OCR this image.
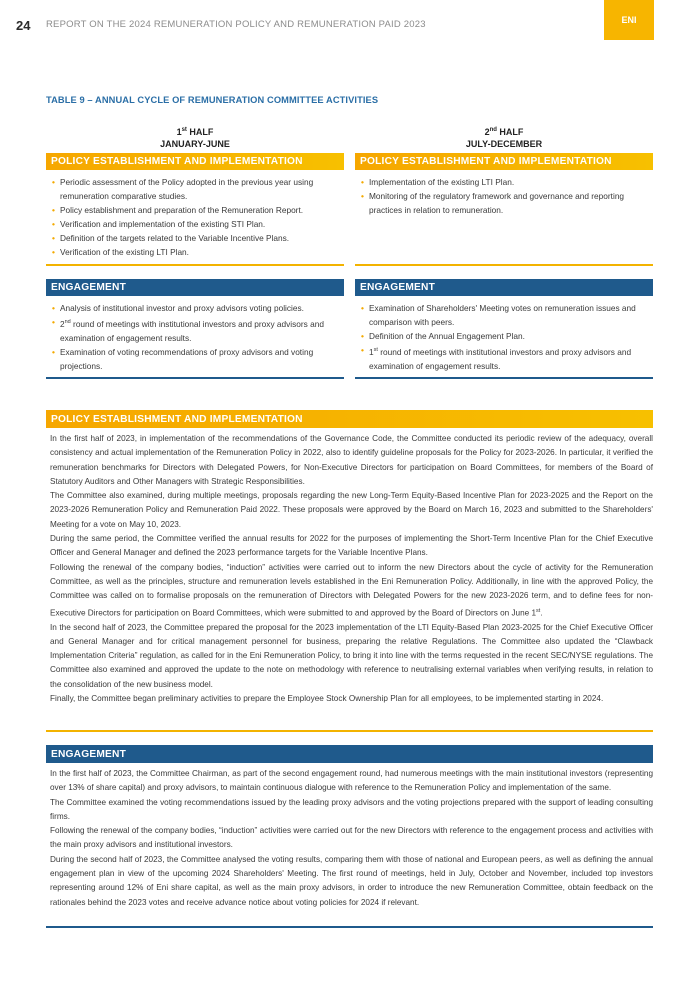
24 REPORT ON THE 2024 REMUNERATION POLICY AND REMUNERATION PAID 2023	ENI
TABLE 9 – ANNUAL CYCLE OF REMUNERATION COMMITTEE ACTIVITIES
1st HALF
JANUARY-JUNE
POLICY ESTABLISHMENT AND IMPLEMENTATION
• Periodic assessment of the Policy adopted in the previous year using remuneration comparative studies.
• Policy establishment and preparation of the Remuneration Report.
• Verification and implementation of the existing STI Plan.
• Definition of the targets related to the Variable Incentive Plans.
• Verification of the existing LTI Plan.
ENGAGEMENT
• Analysis of institutional investor and proxy advisors voting policies.
• 2nd round of meetings with institutional investors and proxy advisors and examination of engagement results.
• Examination of voting recommendations of proxy advisors and voting projections.
2nd HALF
JULY-DECEMBER
POLICY ESTABLISHMENT AND IMPLEMENTATION
• Implementation of the existing LTI Plan.
• Monitoring of the regulatory framework and governance and reporting practices in relation to remuneration.
ENGAGEMENT
• Examination of Shareholders' Meeting votes on remuneration issues and comparison with peers.
• Definition of the Annual Engagement Plan.
• 1st round of meetings with institutional investors and proxy advisors and examination of engagement results.
POLICY ESTABLISHMENT AND IMPLEMENTATION

In the first half of 2023, in implementation of the recommendations of the Governance Code, the Committee conducted its periodic review of the adequacy, overall consistency and actual implementation of the Remuneration Policy in 2022, also to identify guideline proposals for the Policy for 2023-2026. In particular, it verified the remuneration benchmarks for Directors with Delegated Powers, for Non-Executive Directors for participation on Board Committees, for members of the Board of Statutory Auditors and Other Managers with Strategic Responsibilities.

The Committee also examined, during multiple meetings, proposals regarding the new Long-Term Equity-Based Incentive Plan for 2023-2025 and the Report on the 2023-2026 Remuneration Policy and Remuneration Paid 2022. These proposals were approved by the Board on March 16, 2023 and submitted to the Shareholders' Meeting for a vote on May 10, 2023.

During the same period, the Committee verified the annual results for 2022 for the purposes of implementing the Short-Term Incentive Plan for the Chief Executive Officer and General Manager and defined the 2023 performance targets for the Variable Incentive Plans.

Following the renewal of the company bodies, “induction” activities were carried out to inform the new Directors about the cycle of activity for the Remuneration Committee, as well as the principles, structure and remuneration levels established in the Eni Remuneration Policy. Additionally, in line with the approved Policy, the Committee was called on to formalise proposals on the remuneration of Directors with Delegated Powers for the new 2023-2026 term, and to define fees for non-Executive Directors for participation on Board Committees, which were submitted to and approved by the Board of Directors on June 1st.

In the second half of 2023, the Committee prepared the proposal for the 2023 implementation of the LTI Equity-Based Plan 2023-2025 for the Chief Executive Officer and General Manager and for critical management personnel for business, preparing the relative Regulations. The Committee also updated the “Clawback Implementation Criteria” regulation, as called for in the Eni Remuneration Policy, to bring it into line with the terms requested in the recent SEC/NYSE regulations. The Committee also examined and approved the update to the note on methodology with reference to neutralising external variables when verifying results, in relation to the consolidation of the new business model.

Finally, the Committee began preliminary activities to prepare the Employee Stock Ownership Plan for all employees, to be implemented starting in 2024.

ENGAGEMENT

In the first half of 2023, the Committee Chairman, as part of the second engagement round, had numerous meetings with the main institutional investors (representing over 13% of share capital) and proxy advisors, to maintain continuous dialogue with reference to the Remuneration Policy and implementation of the same.

The Committee examined the voting recommendations issued by the leading proxy advisors and the voting projections prepared with the support of leading consulting firms.

Following the renewal of the company bodies, “induction” activities were carried out for the new Directors with reference to the engagement process and activities with the main proxy advisors and institutional investors.

During the second half of 2023, the Committee analysed the voting results, comparing them with those of national and European peers, as well as defining the annual engagement plan in view of the upcoming 2024 Shareholders' Meeting. The first round of meetings, held in July, October and November, included top investors representing around 12% of Eni share capital, as well as the main proxy advisors, in order to introduce the new Remuneration Committee, obtain feedback on the rationales behind the 2023 votes and receive advance notice about voting policies for 2024 if relevant.
